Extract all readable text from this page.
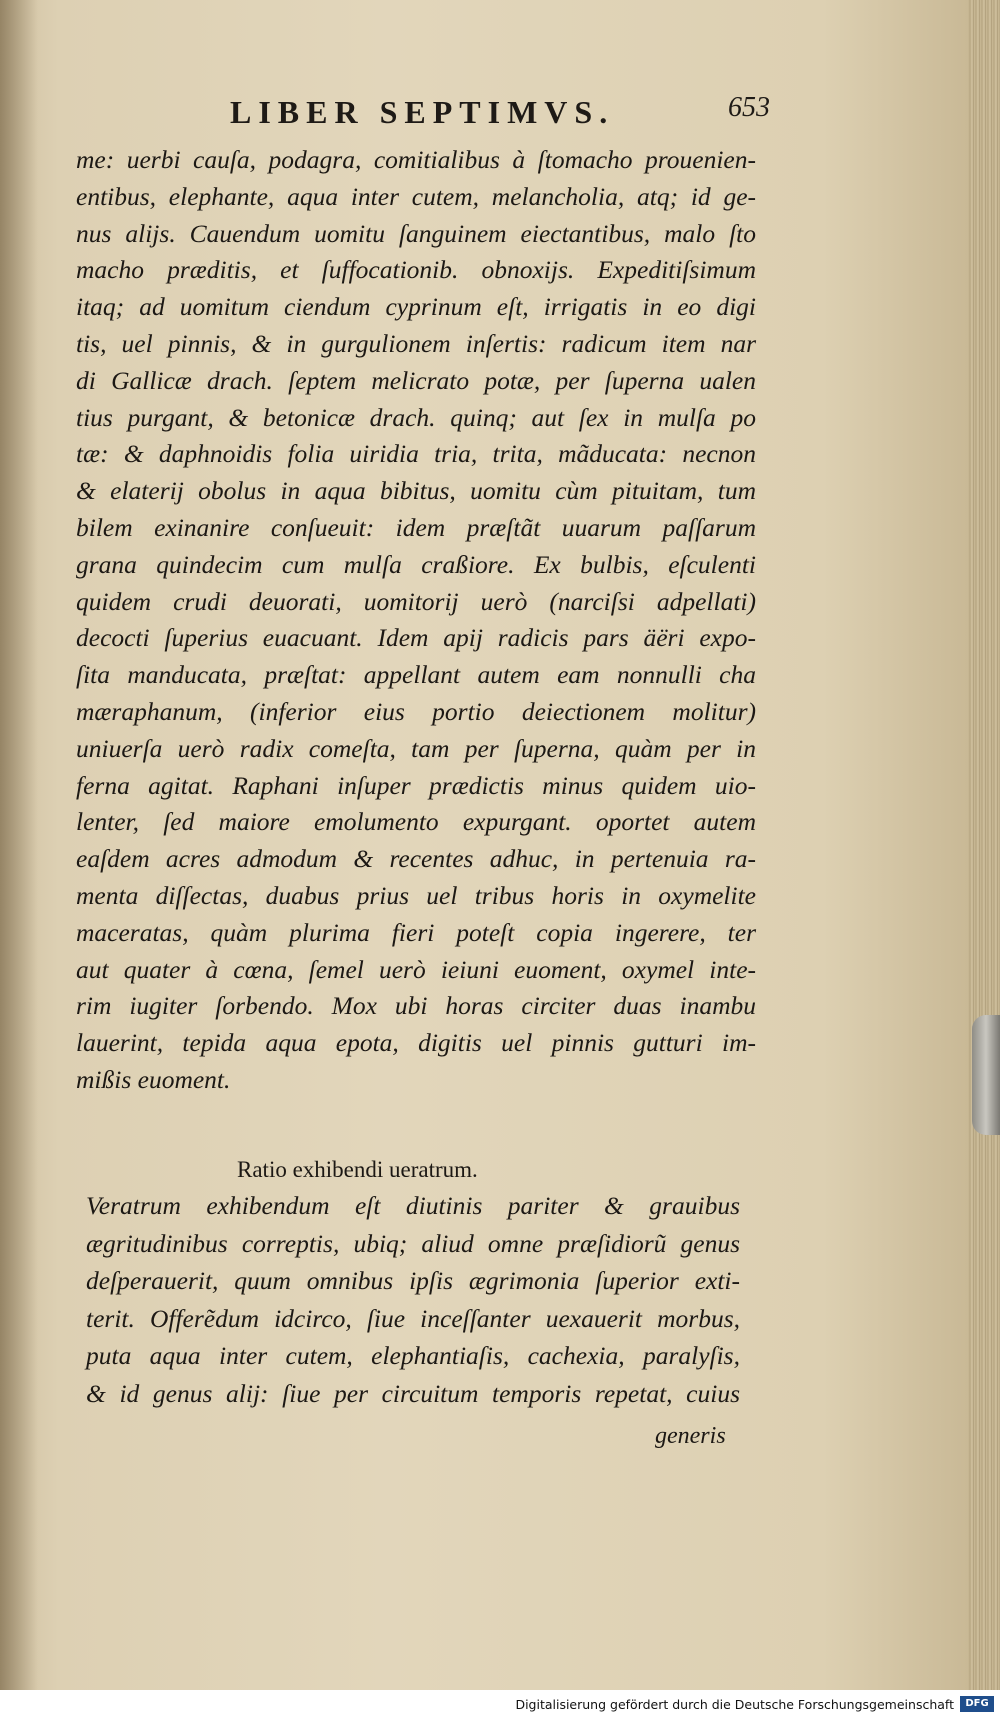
LIBER SEPTIMVS.	653
me: uerbi cauſa, podagra, comitialibus à ſtomacho prouenien-
entibus, elephante, aqua inter cutem, melancholia, atq; id ge-
nus alijs. Cauendum uomitu ſanguinem eiectantibus, malo ſto
macho præditis, et ſuffocationib. obnoxijs. Expeditiſsimum
itaq; ad uomitum ciendum cyprinum eſt, irrigatis in eo digi
tis, uel pinnis, & in gurgulionem inſertis: radicum item nar
di Gallicæ drach. ſeptem melicrato potæ, per ſuperna ualen
tius purgant, & betonicæ drach. quinq; aut ſex in mulſa po
tæ: & daphnoidis folia uiridia tria, trita, mãducata: necnon
& elaterij obolus in aqua bibitus, uomitu cùm pituitam, tum
bilem exinanire conſueuit: idem præſtãt uuarum paſſarum
grana quindecim cum mulſa craßiore. Ex bulbis, eſculenti
quidem crudi deuorati, uomitorij uerò (narciſsi adpellati)
decocti ſuperius euacuant. Idem apij radicis pars äëri expo-
ſita manducata, præſtat: appellant autem eam nonnulli cha
mæraphanum, (inferior eius portio deiectionem molitur)
uniuerſa uerò radix comeſta, tam per ſuperna, quàm per in
ferna agitat. Raphani inſuper prædictis minus quidem uio-
lenter, ſed maiore emolumento expurgant. oportet autem
eaſdem acres admodum & recentes adhuc, in pertenuia ra-
menta diſſectas, duabus prius uel tribus horis in oxymelite
maceratas, quàm plurima fieri poteſt copia ingerere, ter
aut quater à cœna, ſemel uerò ieiuni euoment, oxymel inte-
rim iugiter ſorbendo. Mox ubi horas circiter duas inambu
lauerint, tepida aqua epota, digitis uel pinnis gutturi im-
mißis euoment.
Ratio exhibendi ueratrum.
Veratrum exhibendum eſt diutinis pariter & grauibus
ægritudinibus correptis, ubiq; aliud omne præſidiorũ genus
deſperauerit, quum omnibus ipſis ægrimonia ſuperior exti-
terit. Offerẽdum idcirco, ſiue inceſſanter uexauerit morbus,
puta aqua inter cutem, elephantiaſis, cachexia, paralyſis,
& id genus alij: ſiue per circuitum temporis repetat, cuius
generis
Digitalisierung gefördert durch die Deutsche Forschungsgemeinschaft	DFG
